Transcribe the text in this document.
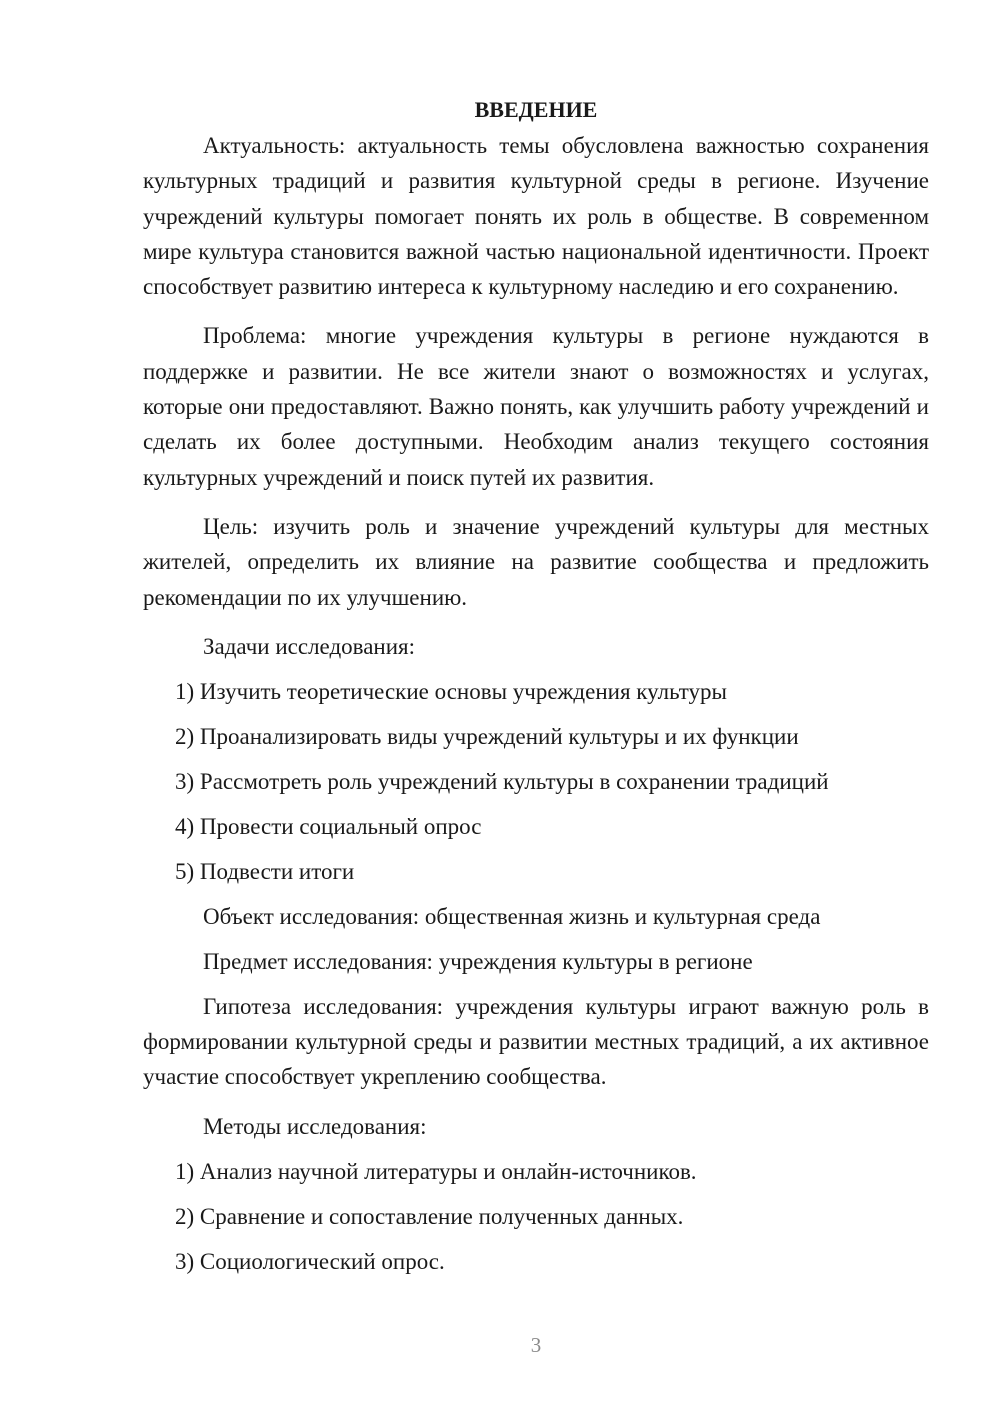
ВВЕДЕНИЕ

Актуальность: актуальность темы обусловлена важностью сохранения культурных традиций и развития культурной среды в регионе. Изучение учреждений культуры помогает понять их роль в обществе. В современном мире культура становится важной частью национальной идентичности. Проект способствует развитию интереса к культурному наследию и его сохранению.

Проблема: многие учреждения культуры в регионе нуждаются в поддержке и развитии. Не все жители знают о возможностях и услугах, которые они предоставляют. Важно понять, как улучшить работу учреждений и сделать их более доступными. Необходим анализ текущего состояния культурных учреждений и поиск путей их развития.

Цель: изучить роль и значение учреждений культуры для местных жителей, определить их влияние на развитие сообщества и предложить рекомендации по их улучшению.

Задачи исследования:
1) Изучить теоретические основы учреждения культуры
2) Проанализировать виды учреждений культуры и их функции
3) Рассмотреть роль учреждений культуры в сохранении традиций
4) Провести социальный опрос
5) Подвести итоги
Объект исследования: общественная жизнь и культурная среда
Предмет исследования: учреждения культуры в регионе

Гипотеза исследования: учреждения культуры играют важную роль в формировании культурной среды и развитии местных традиций, а их активное участие способствует укреплению сообщества.

Методы исследования:
1) Анализ научной литературы и онлайн-источников.
2) Сравнение и сопоставление полученных данных.
3) Социологический опрос.
3
